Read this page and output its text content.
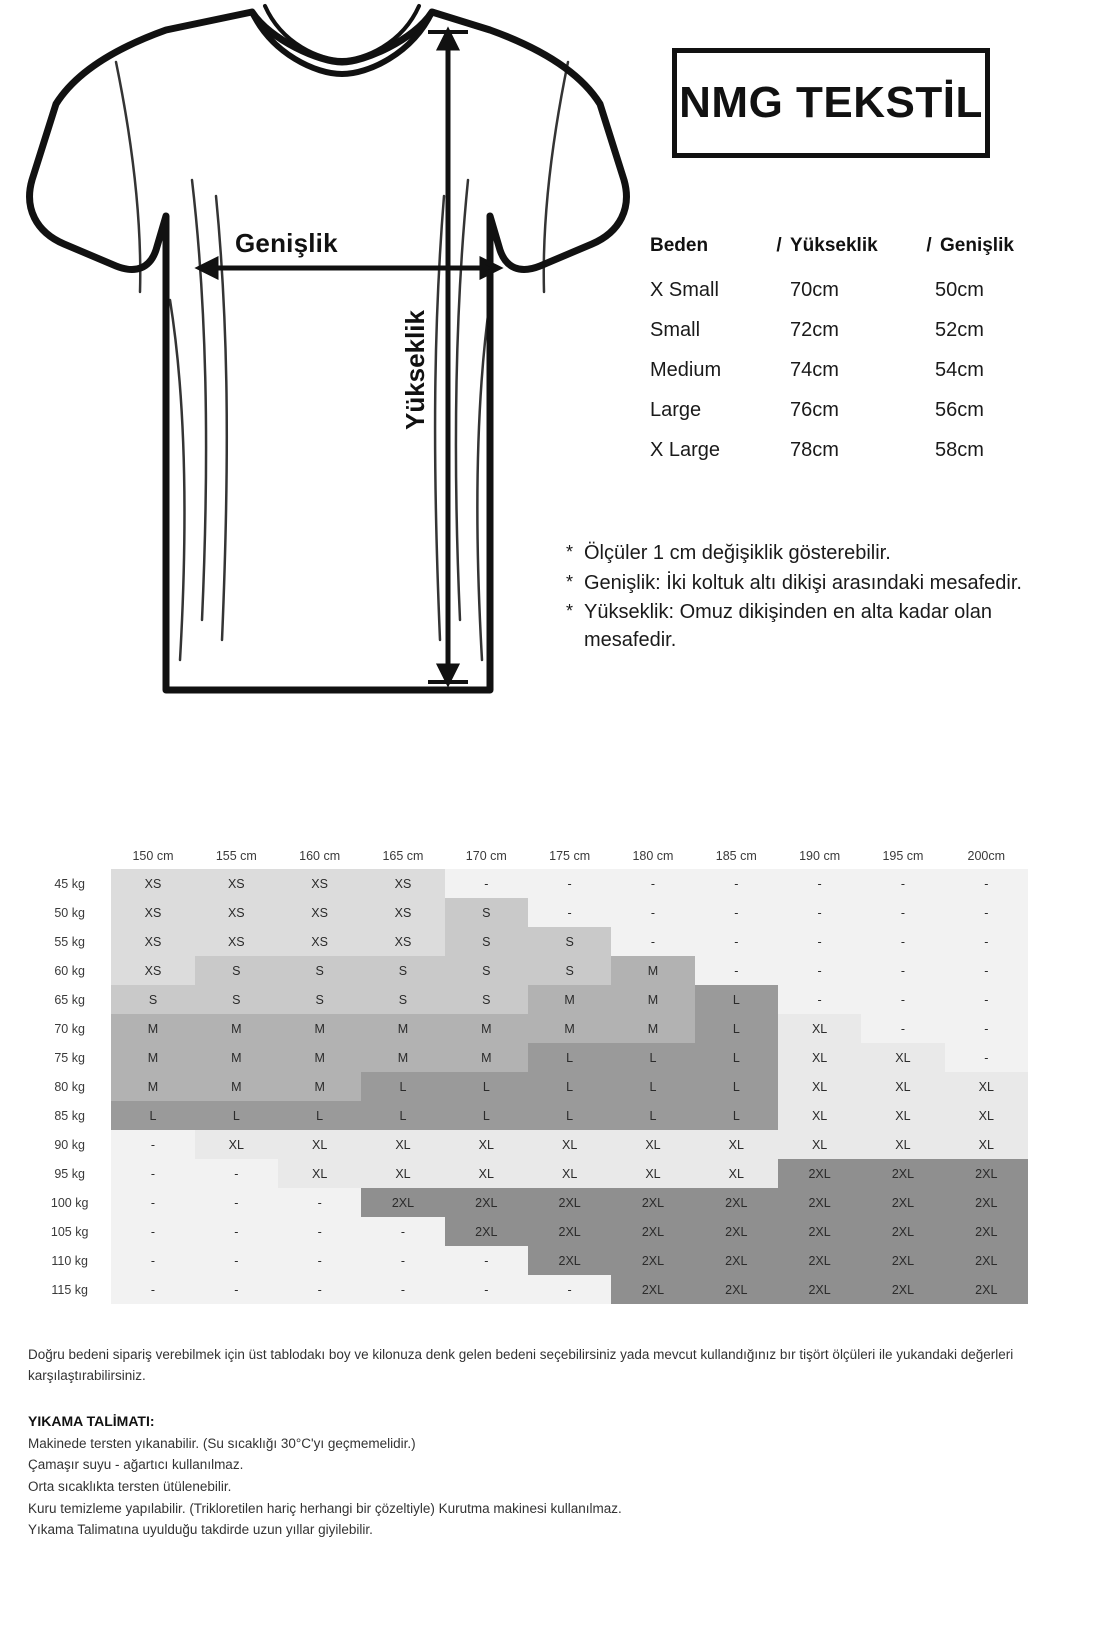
Genişlik
Yükseklik
NMG TEKSTİL
Beden	/ Yükseklik	/ Genişlik
X Small	70cm	50cm
Small	72cm	52cm
Medium	74cm	54cm
Large	76cm	56cm
X Large	78cm	58cm
* Ölçüler 1 cm değişiklik gösterebilir.
* Genişlik: İki koltuk altı dikişi arasındaki mesafedir.
* Yükseklik: Omuz dikişinden en alta kadar olan mesafedir.
	150 cm	155 cm	160 cm	165 cm	170 cm	175 cm	180 cm	185 cm	190 cm	195 cm	200cm
45 kg	XS	XS	XS	XS	-	-	-	-	-	-	-
50 kg	XS	XS	XS	XS	S	-	-	-	-	-	-
55 kg	XS	XS	XS	XS	S	S	-	-	-	-	-
60 kg	XS	S	S	S	S	S	M	-	-	-	-
65 kg	S	S	S	S	S	M	M	L	-	-	-
70 kg	M	M	M	M	M	M	M	L	XL	-	-
75 kg	M	M	M	M	M	L	L	L	XL	XL	-
80 kg	M	M	M	L	L	L	L	L	XL	XL	XL
85 kg	L	L	L	L	L	L	L	L	XL	XL	XL
90 kg	-	XL	XL	XL	XL	XL	XL	XL	XL	XL	XL
95 kg	-	-	XL	XL	XL	XL	XL	XL	2XL	2XL	2XL
100 kg	-	-	-	2XL	2XL	2XL	2XL	2XL	2XL	2XL	2XL
105 kg	-	-	-	-	2XL	2XL	2XL	2XL	2XL	2XL	2XL
110 kg	-	-	-	-	-	2XL	2XL	2XL	2XL	2XL	2XL
115 kg	-	-	-	-	-	-	2XL	2XL	2XL	2XL	2XL
Doğru bedeni sipariş verebilmek için üst tablodakı boy ve kilonuza denk gelen bedeni seçebilirsiniz yada mevcut kullandığınız bır tişört ölçüleri ile yukandaki değerleri karşılaştırabilirsiniz.
YIKAMA TALİMATI:
Makinede tersten yıkanabilir. (Su sıcaklığı 30°C'yı geçmemelidir.)
Çamaşır suyu - ağartıcı kullanılmaz.
Orta sıcaklıkta tersten ütülenebilir.
Kuru temizleme yapılabilir. (Trikloretilen hariç herhangi bir çözeltiyle) Kurutma makinesi kullanılmaz.
Yıkama Talimatına uyulduğu takdirde uzun yıllar giyilebilir.
